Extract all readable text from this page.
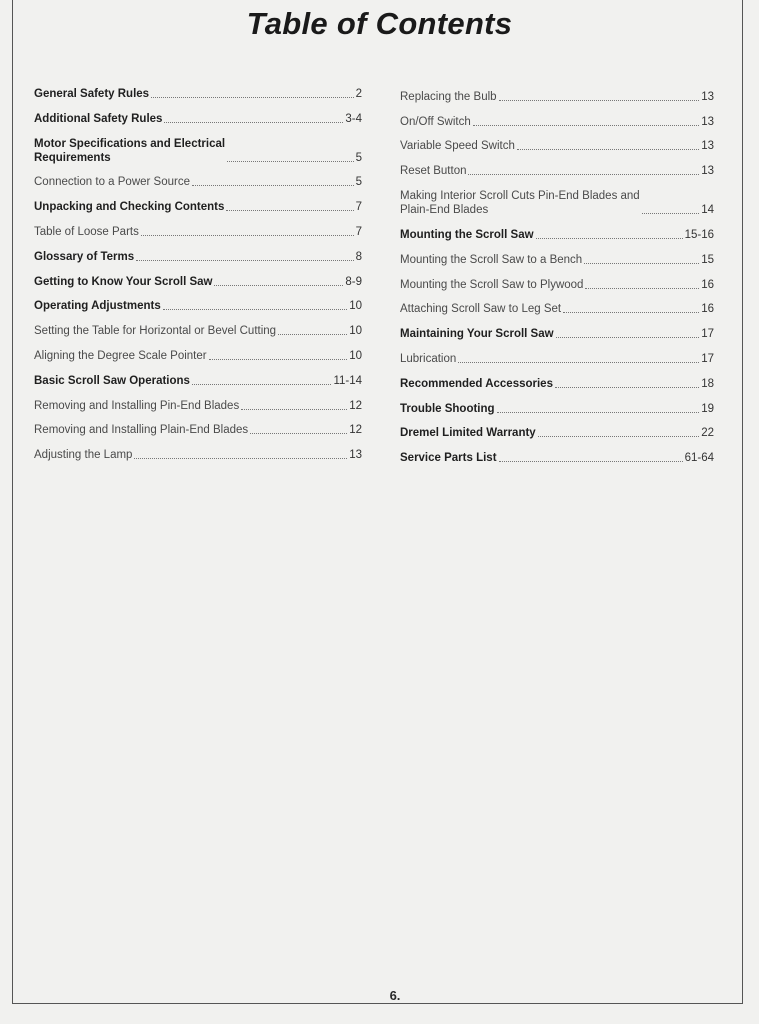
Table of Contents
General Safety Rules	2
Additional Safety Rules	3-4
Motor Specifications and Electrical
Requirements	5
Connection to a Power Source	5
Unpacking and Checking Contents	7
Table of Loose Parts	7
Glossary of Terms	8
Getting to Know Your Scroll Saw	8-9
Operating Adjustments	10
Setting the Table for Horizontal or Bevel Cutting	10
Aligning the Degree Scale Pointer	10
Basic Scroll Saw Operations	11-14
Removing and Installing Pin-End Blades	12
Removing and Installing Plain-End Blades	12
Adjusting the Lamp	13
Replacing the Bulb	13
On/Off Switch	13
Variable Speed Switch	13
Reset Button	13
Making Interior Scroll Cuts Pin-End Blades and
Plain-End Blades	14
Mounting the Scroll Saw	15-16
Mounting the Scroll Saw to a Bench	15
Mounting the Scroll Saw to Plywood	16
Attaching Scroll Saw to Leg Set	16
Maintaining Your Scroll Saw	17
Lubrication	17
Recommended Accessories	18
Trouble Shooting	19
Dremel Limited Warranty	22
Service Parts List	61-64
6.
